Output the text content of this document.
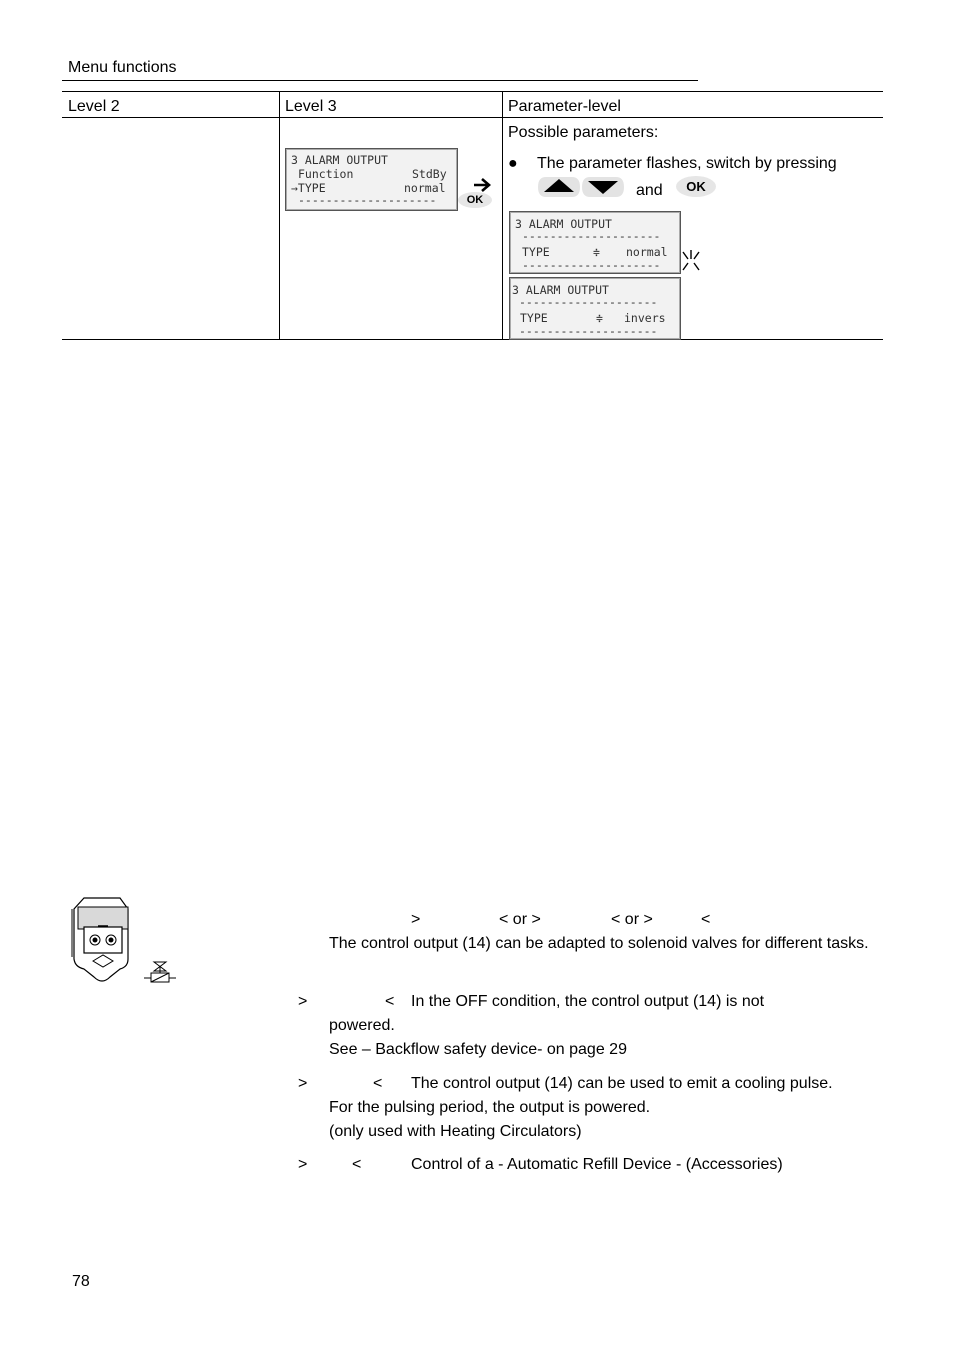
Menu functions
Level 2	Level 3	Parameter-level
3 ALARM OUTPUT
Function	StdBy
→TYPE	normal
--------------------	OK
Possible parameters:
● The parameter flashes, switch by pressing
and	OK
3 ALARM OUTPUT
--------------------
TYPE	≑ normal
--------------------
3 ALARM OUTPUT
--------------------
TYPE	≑ invers
--------------------
>	< or >	< or >	<
The control output (14) can be adapted to solenoid valves for different tasks.
>	<	In the OFF condition, the control output (14) is not powered.
See – Backflow safety device- on page 29
>	< The control output (14) can be used to emit a cooling pulse.
For the pulsing period, the output is powered.
(only used with Heating Circulators)
>	<	Control of a - Automatic Refill Device - (Accessories)
78
